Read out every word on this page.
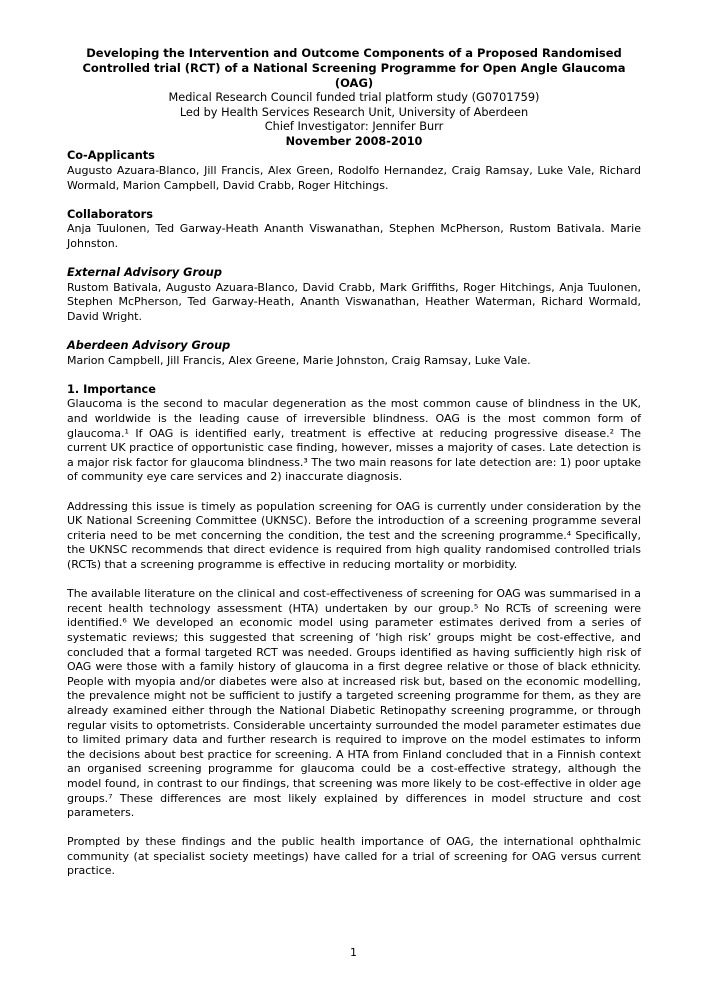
Developing the Intervention and Outcome Components of a Proposed Randomised Controlled trial (RCT) of a National Screening Programme for Open Angle Glaucoma (OAG)
Medical Research Council funded trial platform study (G0701759)
Led by Health Services Research Unit, University of Aberdeen
Chief Investigator: Jennifer Burr
November 2008-2010
Co-Applicants
Augusto Azuara-Blanco, Jill Francis, Alex Green, Rodolfo Hernandez, Craig Ramsay, Luke Vale, Richard Wormald, Marion Campbell, David Crabb, Roger Hitchings.
Collaborators
Anja Tuulonen, Ted Garway-Heath Ananth Viswanathan, Stephen McPherson, Rustom Bativala. Marie Johnston.
External Advisory Group
Rustom Bativala, Augusto Azuara-Blanco, David Crabb, Mark Griffiths, Roger Hitchings, Anja Tuulonen, Stephen McPherson, Ted Garway-Heath, Ananth Viswanathan, Heather Waterman, Richard Wormald, David Wright.
Aberdeen Advisory Group
Marion Campbell, Jill Francis, Alex Greene, Marie Johnston, Craig Ramsay, Luke Vale.
1. Importance
Glaucoma is the second to macular degeneration as the most common cause of blindness in the UK, and worldwide is the leading cause of irreversible blindness. OAG is the most common form of glaucoma.¹ If OAG is identified early, treatment is effective at reducing progressive disease.² The current UK practice of opportunistic case finding, however, misses a majority of cases. Late detection is a major risk factor for glaucoma blindness.³ The two main reasons for late detection are: 1) poor uptake of community eye care services and 2) inaccurate diagnosis.
Addressing this issue is timely as population screening for OAG is currently under consideration by the UK National Screening Committee (UKNSC). Before the introduction of a screening programme several criteria need to be met concerning the condition, the test and the screening programme.⁴ Specifically, the UKNSC recommends that direct evidence is required from high quality randomised controlled trials (RCTs) that a screening programme is effective in reducing mortality or morbidity.
The available literature on the clinical and cost-effectiveness of screening for OAG was summarised in a recent health technology assessment (HTA) undertaken by our group.⁵ No RCTs of screening were identified.⁶ We developed an economic model using parameter estimates derived from a series of systematic reviews; this suggested that screening of ‘high risk’ groups might be cost-effective, and concluded that a formal targeted RCT was needed. Groups identified as having sufficiently high risk of OAG were those with a family history of glaucoma in a first degree relative or those of black ethnicity. People with myopia and/or diabetes were also at increased risk but, based on the economic modelling, the prevalence might not be sufficient to justify a targeted screening programme for them, as they are already examined either through the National Diabetic Retinopathy screening programme, or through regular visits to optometrists. Considerable uncertainty surrounded the model parameter estimates due to limited primary data and further research is required to improve on the model estimates to inform the decisions about best practice for screening. A HTA from Finland concluded that in a Finnish context an organised screening programme for glaucoma could be a cost-effective strategy, although the model found, in contrast to our findings, that screening was more likely to be cost-effective in older age groups.⁷ These differences are most likely explained by differences in model structure and cost parameters.
Prompted by these findings and the public health importance of OAG, the international ophthalmic community (at specialist society meetings) have called for a trial of screening for OAG versus current practice.
1
